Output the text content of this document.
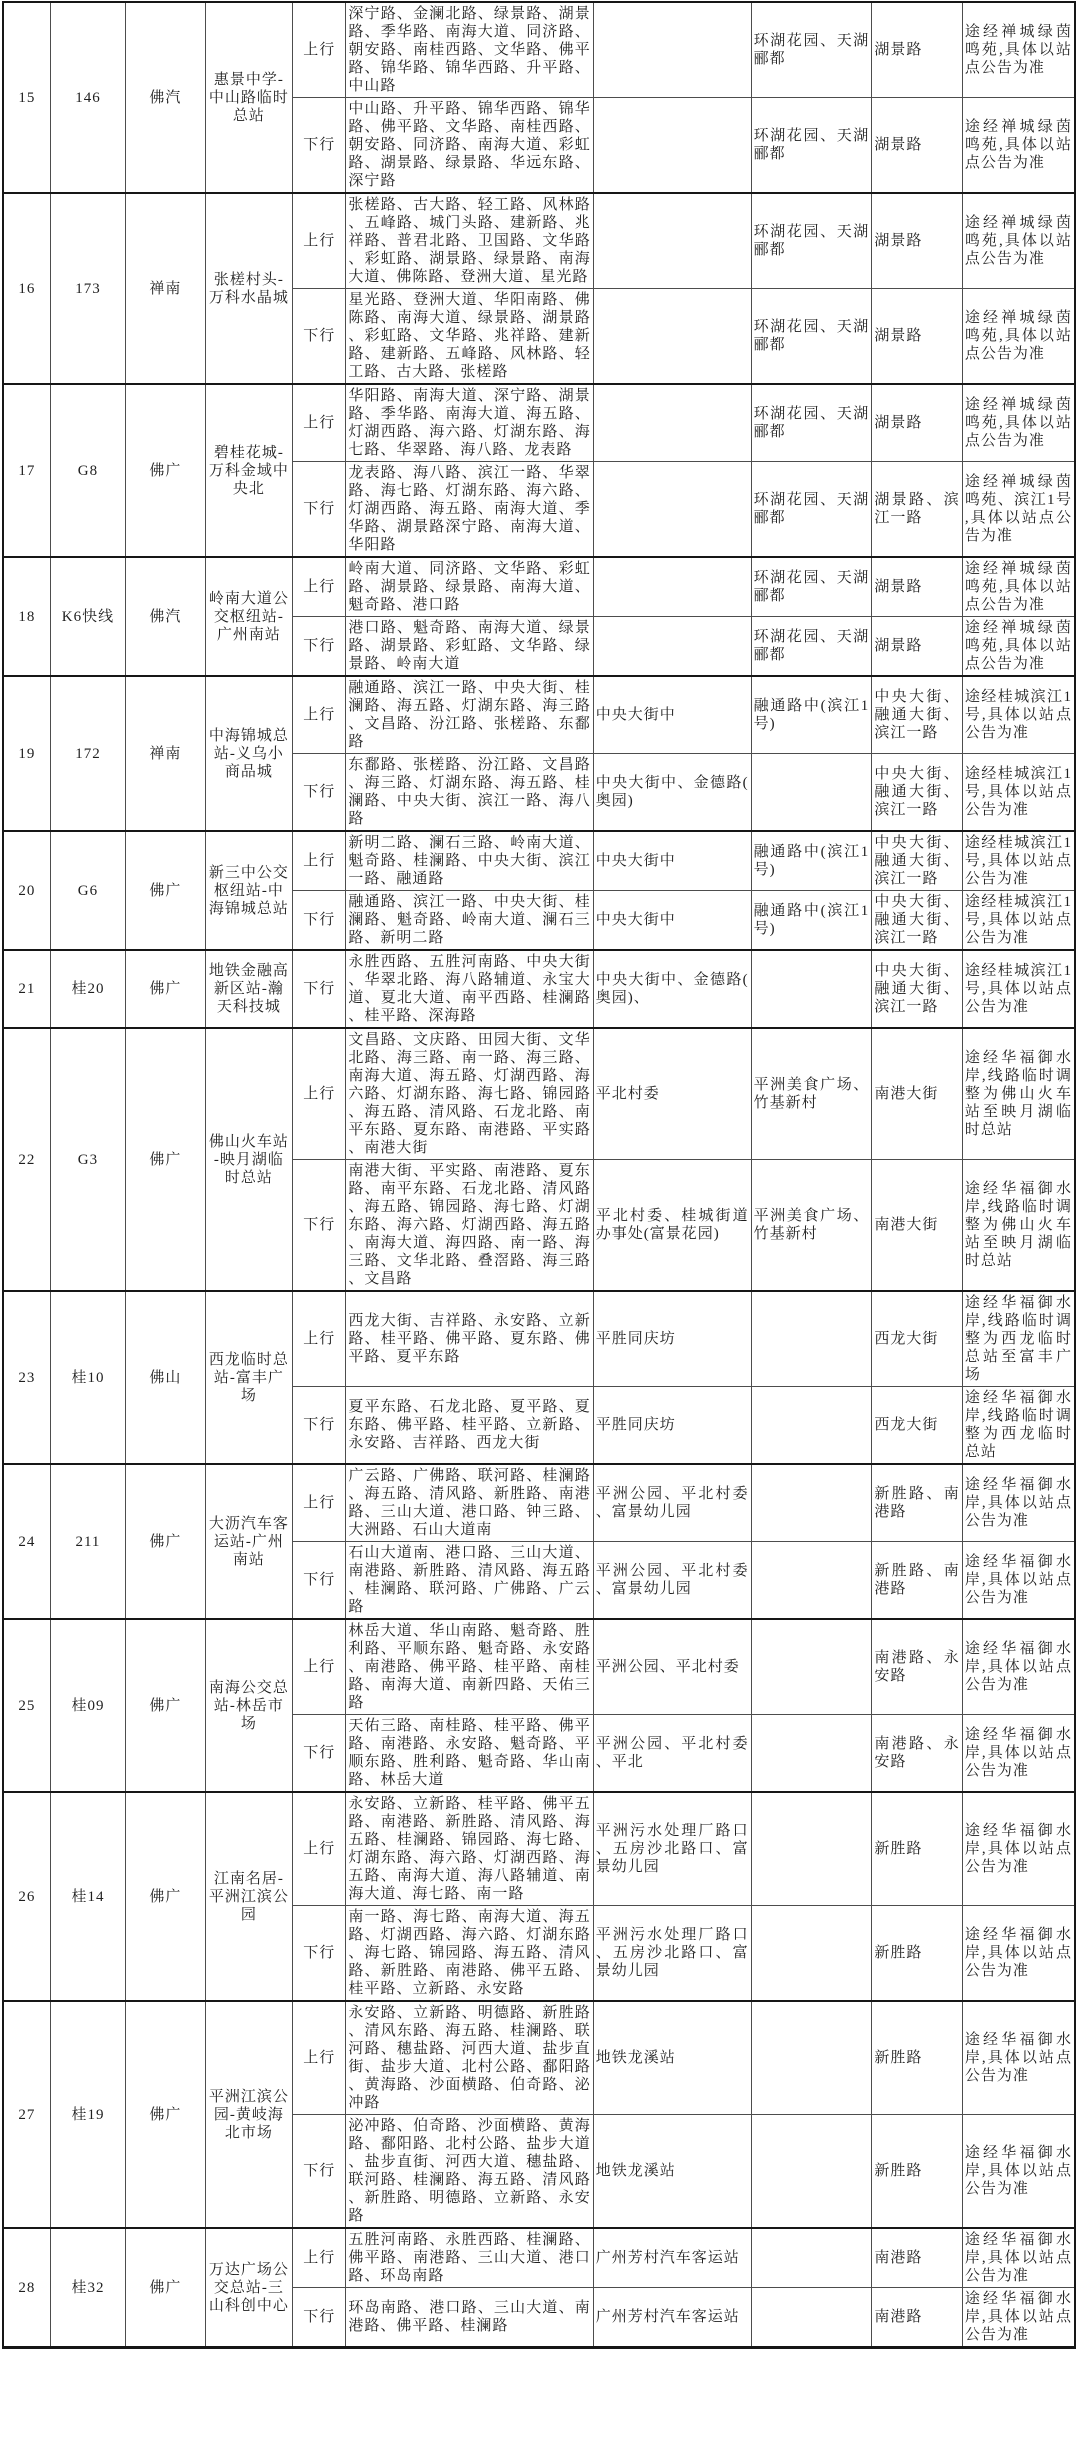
15	146	佛汽	惠景中学-中山路临时总站	上行	深宁路、金澜北路、绿景路、湖景路、季华路、南海大道、同济路、朝安路、南桂西路、文华路、佛平路、锦华路、锦华西路、升平路、中山路		环湖花园、天湖郦都	湖景路	途经禅城绿茵鸣苑,具体以站点公告为准
				下行	中山路、升平路、锦华西路、锦华路、佛平路、文华路、南桂西路、朝安路、同济路、南海大道、彩虹路、湖景路、绿景路、华远东路、深宁路		环湖花园、天湖郦都	湖景路	途经禅城绿茵鸣苑,具体以站点公告为准
16	173	禅南	张槎村头-万科水晶城	上行	张槎路、古大路、轻工路、风林路、五峰路、城门头路、建新路、兆祥路、普君北路、卫国路、文华路、彩虹路、湖景路、绿景路、南海大道、佛陈路、登洲大道、星光路		环湖花园、天湖郦都	湖景路	途经禅城绿茵鸣苑,具体以站点公告为准
				下行	星光路、登洲大道、华阳南路、佛陈路、南海大道、绿景路、湖景路、彩虹路、文华路、兆祥路、建新路、建新路、五峰路、风林路、轻工路、古大路、张槎路		环湖花园、天湖郦都	湖景路	途经禅城绿茵鸣苑,具体以站点公告为准
17	G8	佛广	碧桂花城-万科金域中央北	上行	华阳路、南海大道、深宁路、湖景路、季华路、南海大道、海五路、灯湖西路、海六路、灯湖东路、海七路、华翠路、海八路、龙表路		环湖花园、天湖郦都	湖景路	途经禅城绿茵鸣苑,具体以站点公告为准
				下行	龙表路、海八路、滨江一路、华翠路、海七路、灯湖东路、海六路、灯湖西路、海五路、南海大道、季华路、湖景路深宁路、南海大道、华阳路		环湖花园、天湖郦都	湖景路、滨江一路	途经禅城绿茵鸣苑、滨江1号,具体以站点公告为准
18	K6快线	佛汽	岭南大道公交枢纽站-广州南站	上行	岭南大道、同济路、文华路、彩虹路、湖景路、绿景路、南海大道、魁奇路、港口路		环湖花园、天湖郦都	湖景路	途经禅城绿茵鸣苑,具体以站点公告为准
				下行	港口路、魁奇路、南海大道、绿景路、湖景路、彩虹路、文华路、绿景路、岭南大道		环湖花园、天湖郦都	湖景路	途经禅城绿茵鸣苑,具体以站点公告为准
19	172	禅南	中海锦城总站-义乌小商品城	上行	融通路、滨江一路、中央大街、桂澜路、海五路、灯湖东路、海三路、文昌路、汾江路、张槎路、东鄱路	中央大街中	融通路中(滨江1号)	中央大街、融通大街、滨江一路	途经桂城滨江1号,具体以站点公告为准
				下行	东鄱路、张槎路、汾江路、文昌路、海三路、灯湖东路、海五路、桂澜路、中央大街、滨江一路、海八路	中央大街中、金德路(奥园)		中央大街、融通大街、滨江一路	途经桂城滨江1号,具体以站点公告为准
20	G6	佛广	新三中公交枢纽站-中海锦城总站	上行	新明二路、澜石三路、岭南大道、魁奇路、桂澜路、中央大街、滨江一路、融通路	中央大街中	融通路中(滨江1号)	中央大街、融通大街、滨江一路	途经桂城滨江1号,具体以站点公告为准
				下行	融通路、滨江一路、中央大街、桂澜路、魁奇路、岭南大道、澜石三路、新明二路	中央大街中	融通路中(滨江1号)	中央大街、融通大街、滨江一路	途经桂城滨江1号,具体以站点公告为准
21	桂20	佛广	地铁金融高新区站-瀚天科技城	下行	永胜西路、五胜河南路、中央大街、华翠北路、海八路辅道、永宝大道、夏北大道、南平西路、桂澜路、桂平路、深海路	中央大街中、金德路(奥园)、		中央大街、融通大街、滨江一路	途经桂城滨江1号,具体以站点公告为准
22	G3	佛广	佛山火车站-映月湖临时总站	上行	文昌路、文庆路、田园大街、文华北路、海三路、南一路、海三路、南海大道、海五路、灯湖西路、海六路、灯湖东路、海七路、锦园路、海五路、清风路、石龙北路、南平东路、夏东路、南港路、平实路、南港大街	平北村委	平洲美食广场、竹基新村	南港大街	途经华福御水岸,线路临时调整为佛山火车站至映月湖临时总站
				下行	南港大街、平实路、南港路、夏东路、南平东路、石龙北路、清风路、海五路、锦园路、海七路、灯湖东路、海六路、灯湖西路、海五路、南海大道、海四路、南一路、海三路、文华北路、叠滘路、海三路、文昌路	平北村委、桂城街道办事处(富景花园)	平洲美食广场、竹基新村	南港大街	途经华福御水岸,线路临时调整为佛山火车站至映月湖临时总站
23	桂10	佛山	西龙临时总站-富丰广场	上行	西龙大街、吉祥路、永安路、立新路、桂平路、佛平路、夏东路、佛平路、夏平东路	平胜同庆坊		西龙大街	途经华福御水岸,线路临时调整为西龙临时总站至富丰广场
				下行	夏平东路、石龙北路、夏平路、夏东路、佛平路、桂平路、立新路、永安路、吉祥路、西龙大街	平胜同庆坊		西龙大街	途经华福御水岸,线路临时调整为西龙临时总站
24	211	佛广	大沥汽车客运站-广州南站	上行	广云路、广佛路、联河路、桂澜路、海五路、清风路、新胜路、南港路、三山大道、港口路、钟三路、大洲路、石山大道南	平洲公园、平北村委、富景幼儿园		新胜路、南港路	途经华福御水岸,具体以站点公告为准
				下行	石山大道南、港口路、三山大道、南港路、新胜路、清风路、海五路、桂澜路、联河路、广佛路、广云路	平洲公园、平北村委、富景幼儿园		新胜路、南港路	途经华福御水岸,具体以站点公告为准
25	桂09	佛广	南海公交总站-林岳市场	上行	林岳大道、华山南路、魁奇路、胜利路、平顺东路、魁奇路、永安路、南港路、佛平路、桂平路、南桂路、南海大道、南新四路、天佑三路	平洲公园、平北村委		南港路、永安路	途经华福御水岸,具体以站点公告为准
				下行	天佑三路、南桂路、桂平路、佛平路、南港路、永安路、魁奇路、平顺东路、胜利路、魁奇路、华山南路、林岳大道	平洲公园、平北村委、平北		南港路、永安路	途经华福御水岸,具体以站点公告为准
26	桂14	佛广	江南名居-平洲江滨公园	上行	永安路、立新路、桂平路、佛平五路、南港路、新胜路、清风路、海五路、桂澜路、锦园路、海七路、灯湖东路、海六路、灯湖西路、海五路、南海大道、海八路辅道、南海大道、海七路、南一路	平洲污水处理厂路口、五房沙北路口、富景幼儿园		新胜路	途经华福御水岸,具体以站点公告为准
				下行	南一路、海七路、南海大道、海五路、灯湖西路、海六路、灯湖东路、海七路、锦园路、海五路、清风路、新胜路、南港路、佛平五路、桂平路、立新路、永安路	平洲污水处理厂路口、五房沙北路口、富景幼儿园		新胜路	途经华福御水岸,具体以站点公告为准
27	桂19	佛广	平洲江滨公园-黄岐海北市场	上行	永安路、立新路、明德路、新胜路、清风东路、海五路、桂澜路、联河路、穗盐路、河西大道、盐步直街、盐步大道、北村公路、鄱阳路、黄海路、沙面横路、伯奇路、泌冲路	地铁龙溪站		新胜路	途经华福御水岸,具体以站点公告为准
				下行	泌冲路、伯奇路、沙面横路、黄海路、鄱阳路、北村公路、盐步大道、盐步直街、河西大道、穗盐路、联河路、桂澜路、海五路、清风路、新胜路、明德路、立新路、永安路	地铁龙溪站		新胜路	途经华福御水岸,具体以站点公告为准
28	桂32	佛广	万达广场公交总站-三山科创中心	上行	五胜河南路、永胜西路、桂澜路、佛平路、南港路、三山大道、港口路、环岛南路	广州芳村汽车客运站		南港路	途经华福御水岸,具体以站点公告为准
				下行	环岛南路、港口路、三山大道、南港路、佛平路、桂澜路	广州芳村汽车客运站		南港路	途经华福御水岸,具体以站点公告为准
